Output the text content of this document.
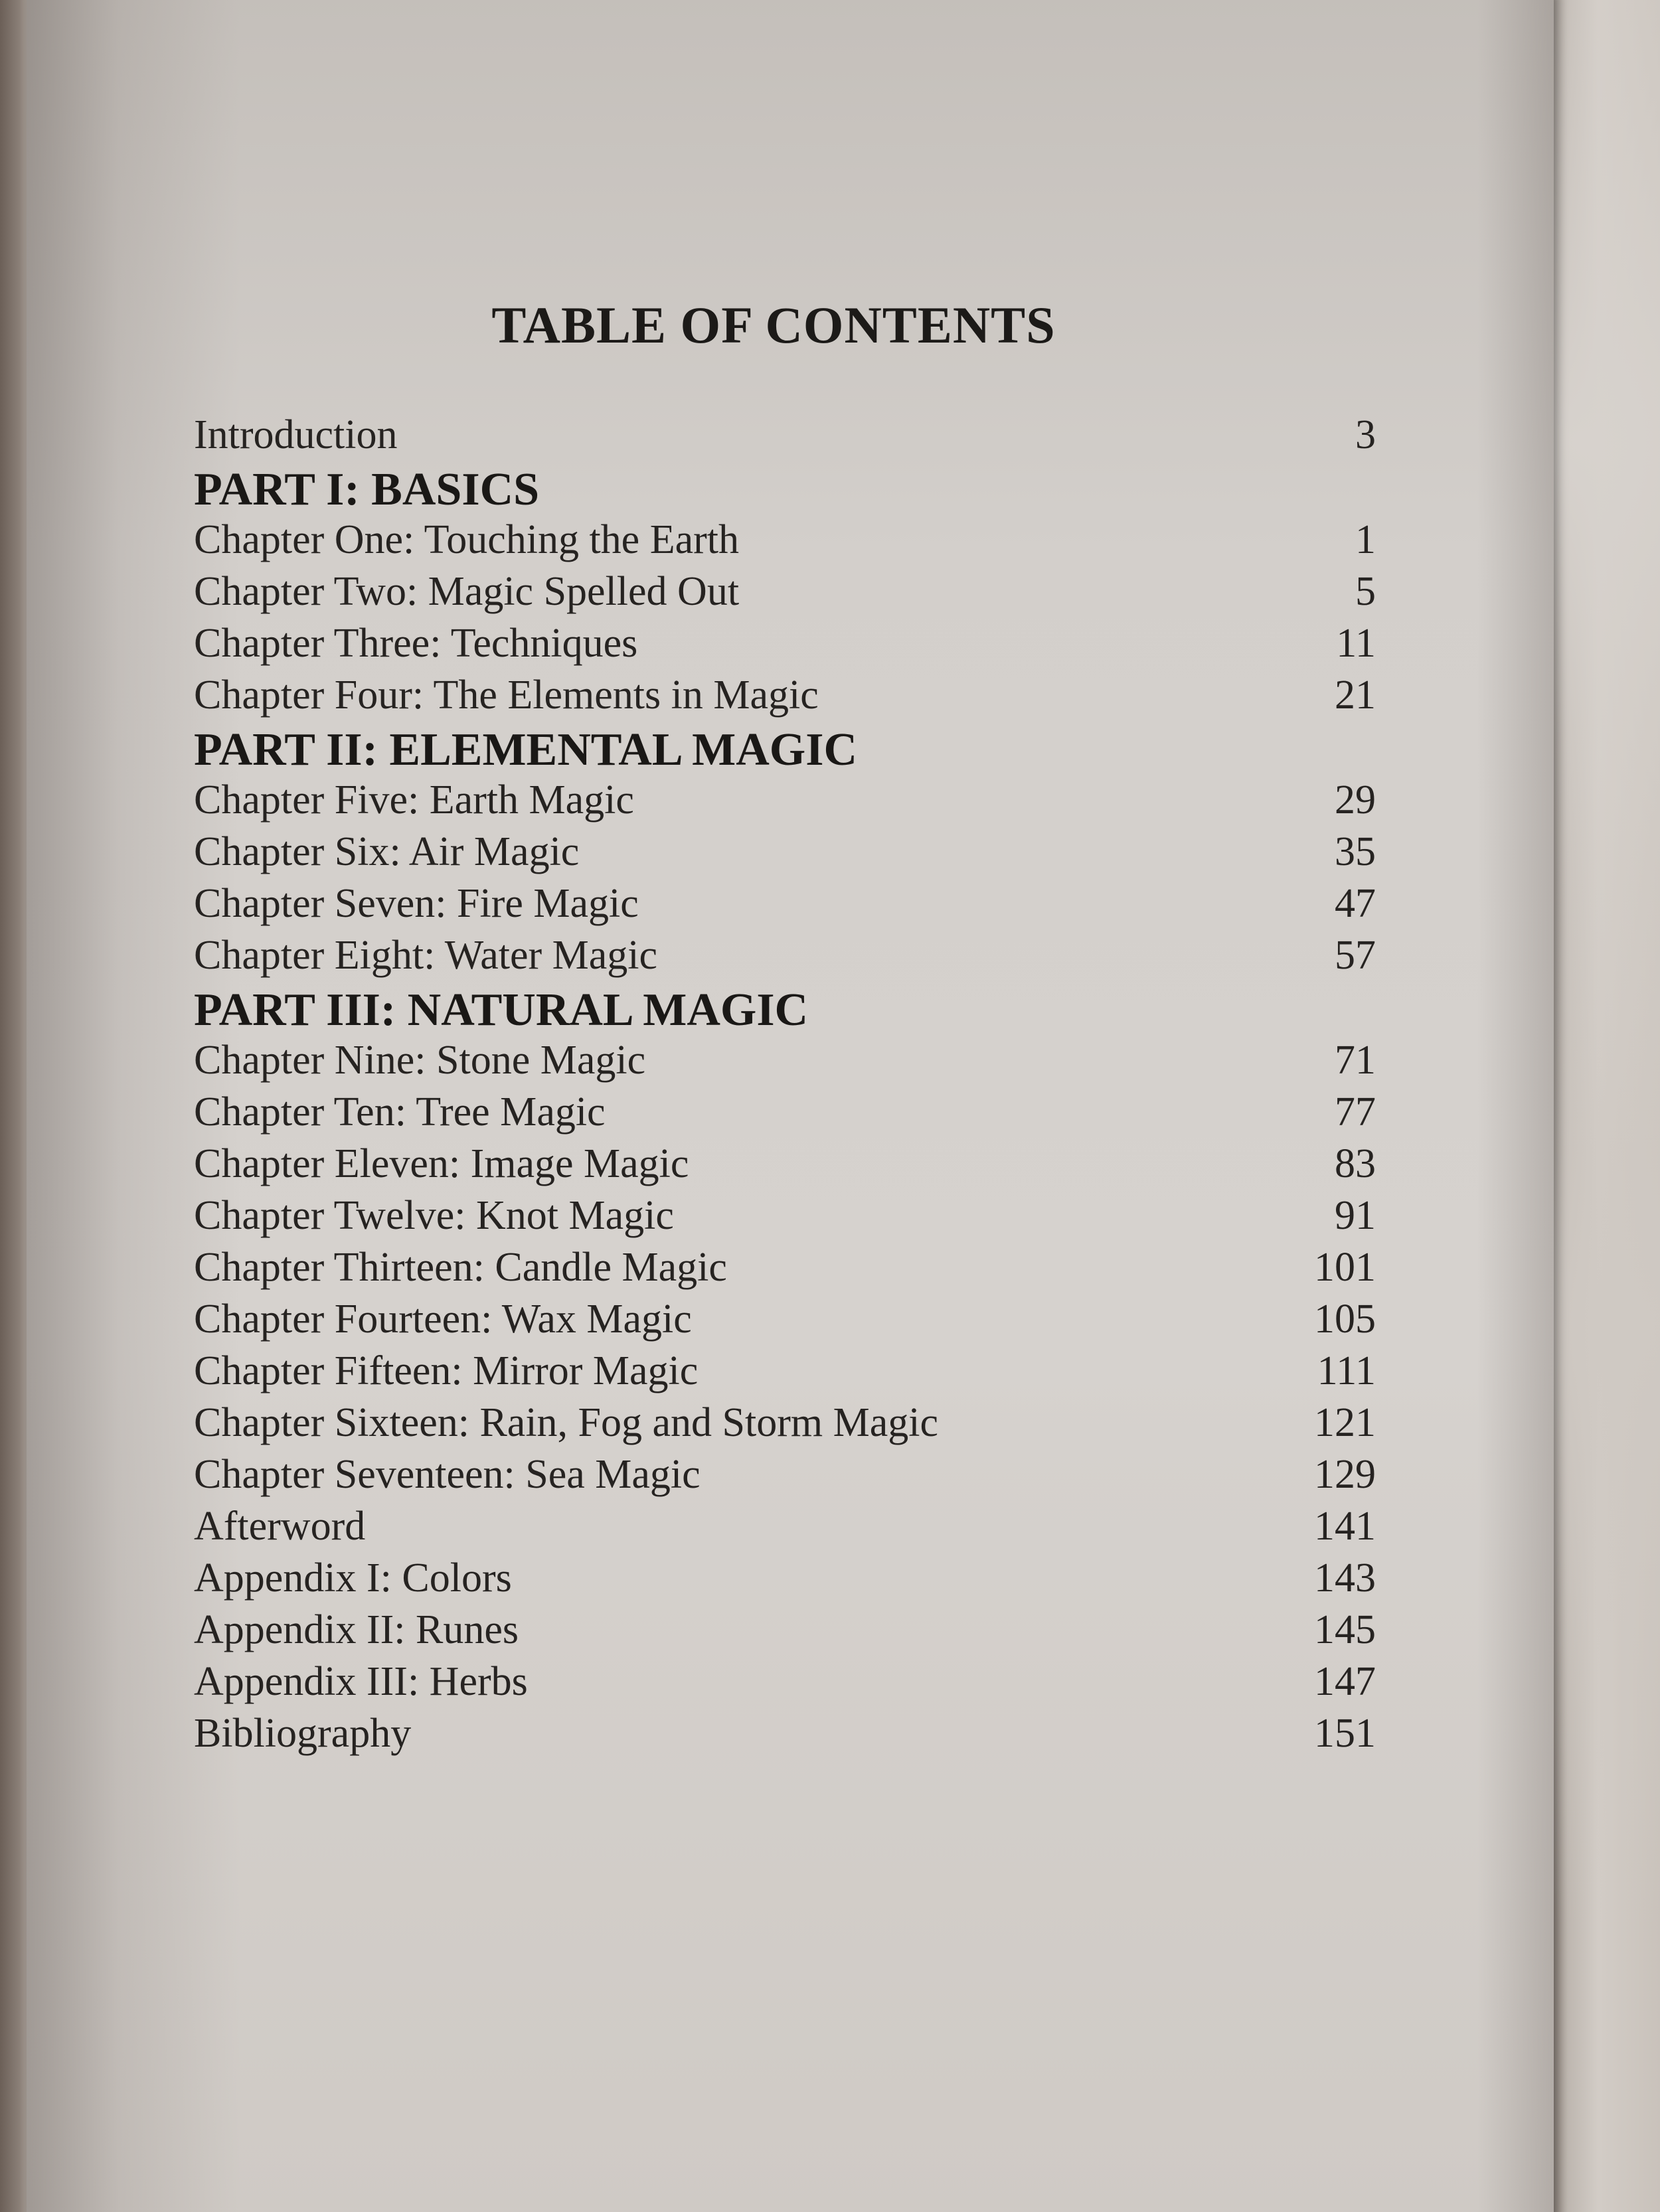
TABLE OF CONTENTS
Introduction	3
PART I: BASICS
Chapter One: Touching the Earth	1
Chapter Two: Magic Spelled Out	5
Chapter Three: Techniques	11
Chapter Four: The Elements in Magic	21
PART II: ELEMENTAL MAGIC
Chapter Five: Earth Magic	29
Chapter Six: Air Magic	35
Chapter Seven: Fire Magic	47
Chapter Eight: Water Magic	57
PART III: NATURAL MAGIC
Chapter Nine: Stone Magic	71
Chapter Ten: Tree Magic	77
Chapter Eleven: Image Magic	83
Chapter Twelve: Knot Magic	91
Chapter Thirteen: Candle Magic	101
Chapter Fourteen: Wax Magic	105
Chapter Fifteen: Mirror Magic	111
Chapter Sixteen: Rain, Fog and Storm Magic	121
Chapter Seventeen: Sea Magic	129
Afterword	141
Appendix I: Colors	143
Appendix II: Runes	145
Appendix III: Herbs	147
Bibliography	151
